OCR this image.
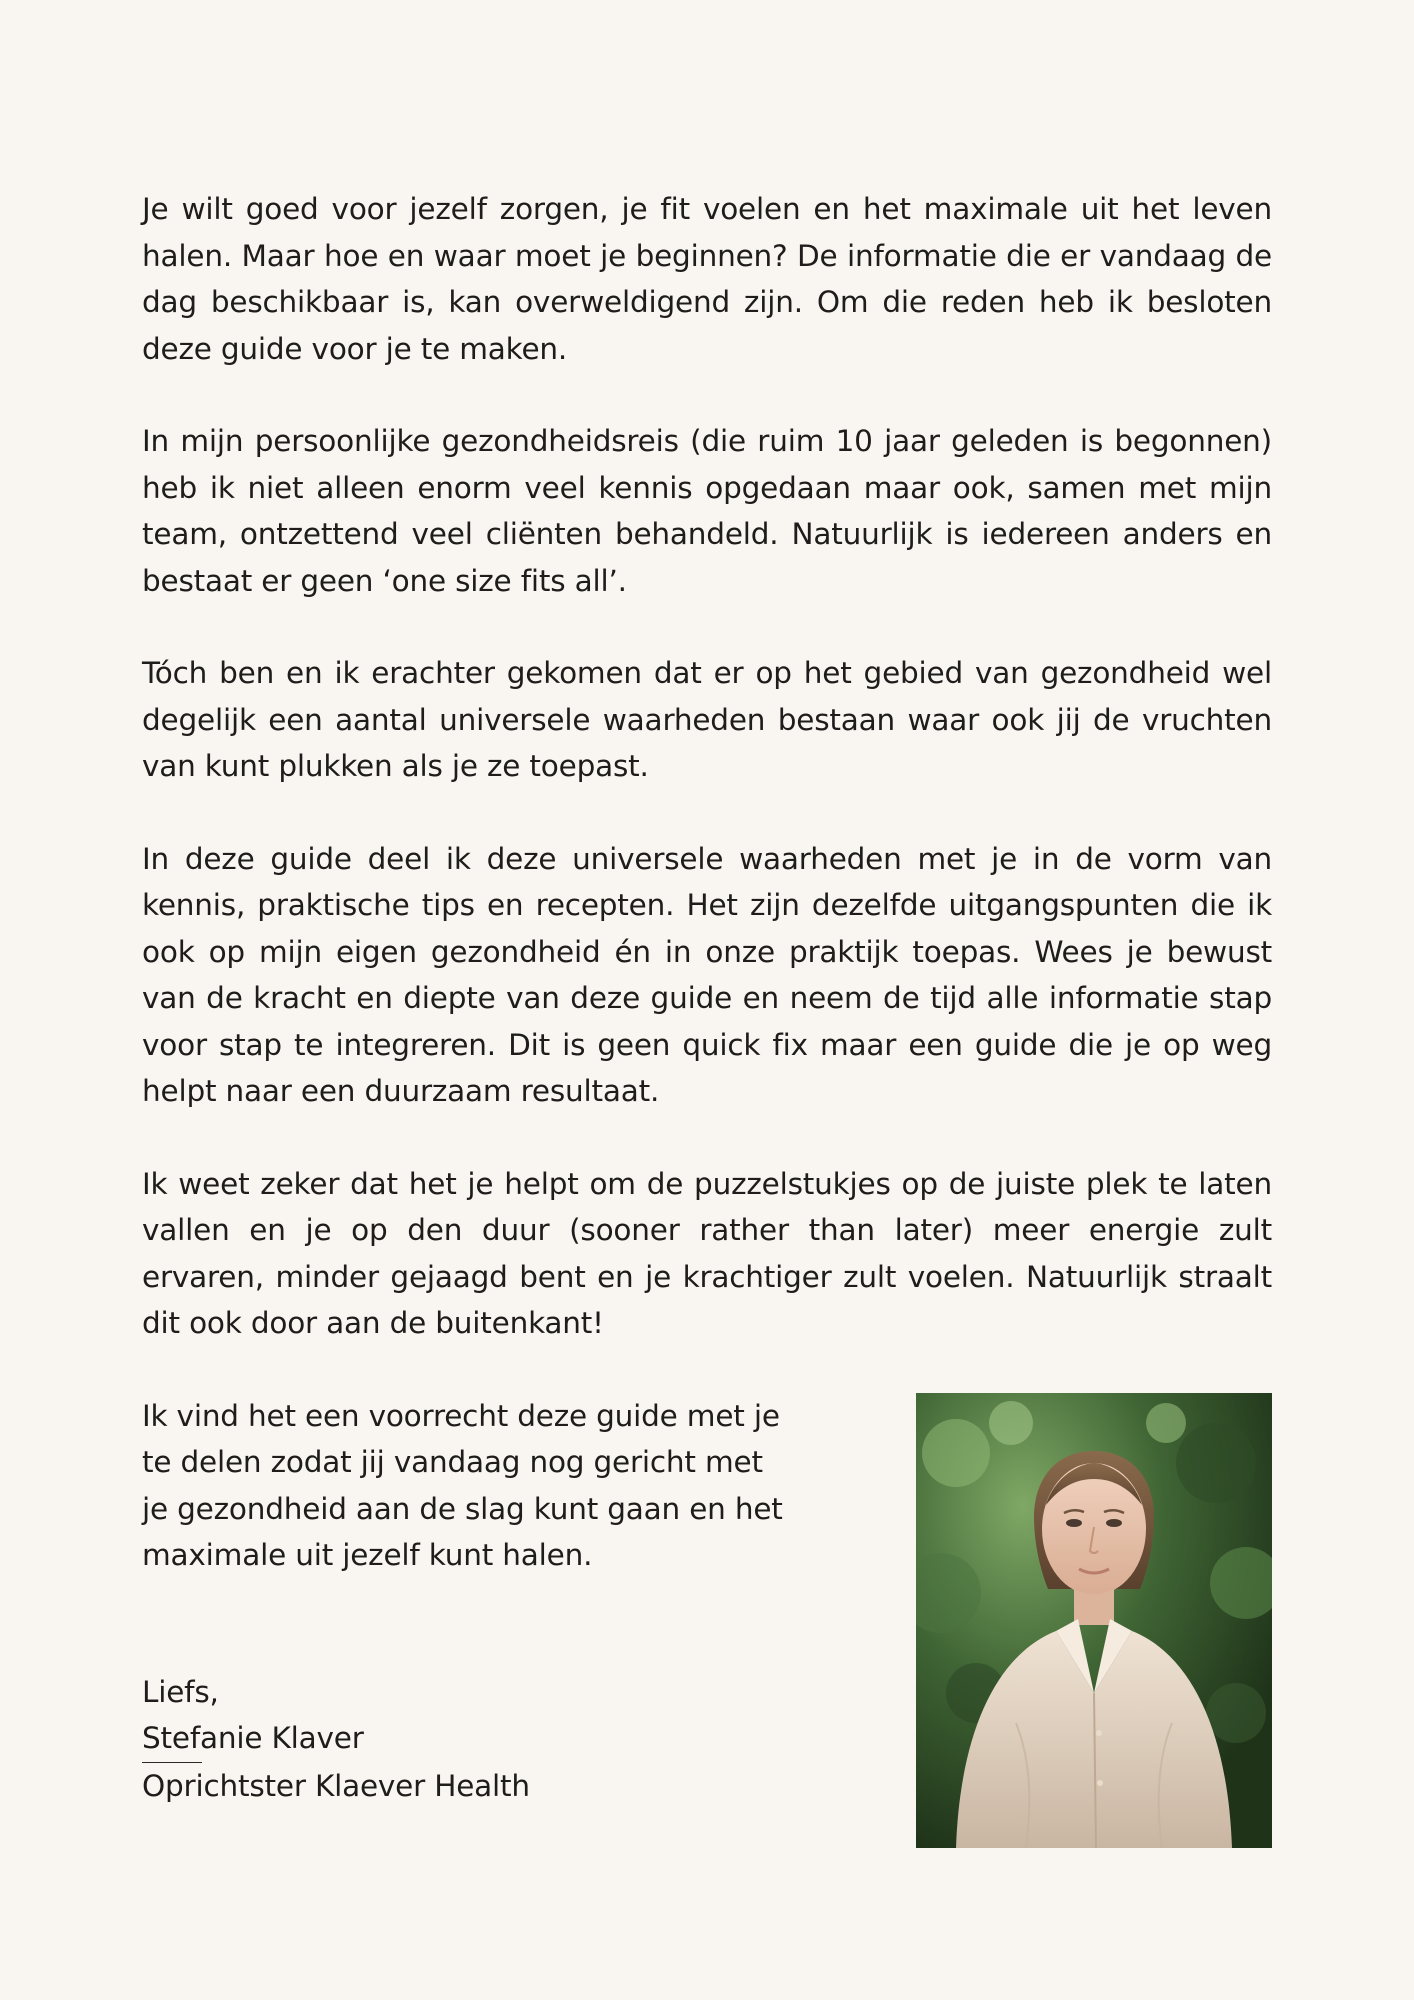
Je wilt goed voor jezelf zorgen, je fit voelen en het maximale uit het leven halen. Maar hoe en waar moet je beginnen? De informatie die er vandaag de dag beschikbaar is, kan overweldigend zijn. Om die reden heb ik besloten deze guide voor je te maken.

In mijn persoonlijke gezondheidsreis (die ruim 10 jaar geleden is begonnen) heb ik niet alleen enorm veel kennis opgedaan maar ook, samen met mijn team, ontzettend veel cliënten behandeld. Natuurlijk is iedereen anders en bestaat er geen ‘one size fits all’.

Tóch ben en ik erachter gekomen dat er op het gebied van gezondheid wel degelijk een aantal universele waarheden bestaan waar ook jij de vruchten van kunt plukken als je ze toepast.

In deze guide deel ik deze universele waarheden met je in de vorm van kennis, praktische tips en recepten. Het zijn dezelfde uitgangspunten die ik ook op mijn eigen gezondheid én in onze praktijk toepas. Wees je bewust van de kracht en diepte van deze guide en neem de tijd alle informatie stap voor stap te integreren. Dit is geen quick fix maar een guide die je op weg helpt naar een duurzaam resultaat.

Ik weet zeker dat het je helpt om de puzzelstukjes op de juiste plek te laten vallen en je op den duur (sooner rather than later) meer energie zult ervaren, minder gejaagd bent en je krachtiger zult voelen. Natuurlijk straalt dit ook door aan de buitenkant!

Ik vind het een voorrecht deze guide met je te delen zodat jij vandaag nog gericht met je gezondheid aan de slag kunt gaan en het maximale uit jezelf kunt halen.

Liefs,
Stefanie Klaver
Oprichtster Klaever Health
